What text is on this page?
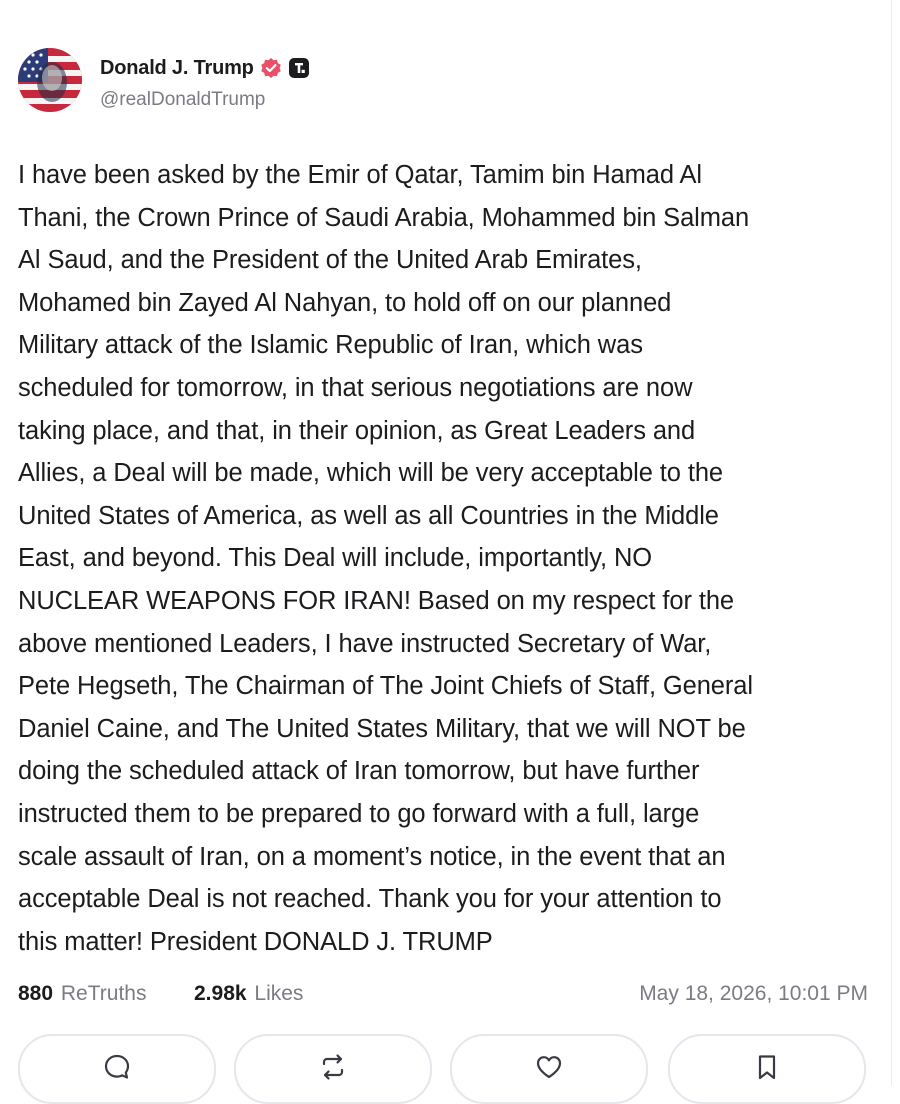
Donald J. Trump
@realDonaldTrump
I have been asked by the Emir of Qatar, Tamim bin Hamad Al
Thani, the Crown Prince of Saudi Arabia, Mohammed bin Salman
Al Saud, and the President of the United Arab Emirates,
Mohamed bin Zayed Al Nahyan, to hold off on our planned
Military attack of the Islamic Republic of Iran, which was
scheduled for tomorrow, in that serious negotiations are now
taking place, and that, in their opinion, as Great Leaders and
Allies, a Deal will be made, which will be very acceptable to the
United States of America, as well as all Countries in the Middle
East, and beyond. This Deal will include, importantly, NO
NUCLEAR WEAPONS FOR IRAN! Based on my respect for the
above mentioned Leaders, I have instructed Secretary of War,
Pete Hegseth, The Chairman of The Joint Chiefs of Staff, General
Daniel Caine, and The United States Military, that we will NOT be
doing the scheduled attack of Iran tomorrow, but have further
instructed them to be prepared to go forward with a full, large
scale assault of Iran, on a moment’s notice, in the event that an
acceptable Deal is not reached. Thank you for your attention to
this matter! President DONALD J. TRUMP
880 ReTruths 2.98k Likes	May 18, 2026, 10:01 PM
